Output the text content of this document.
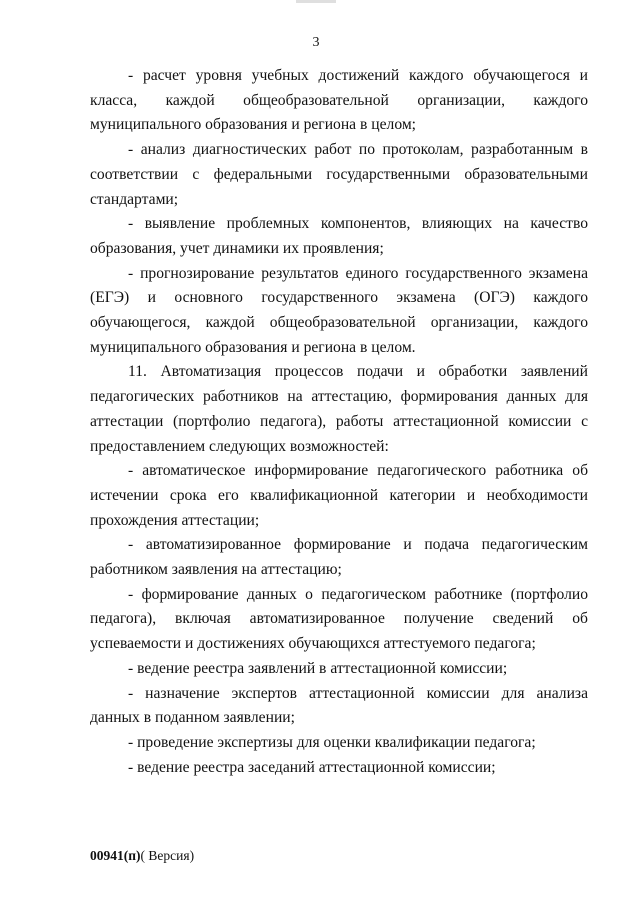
3

- расчет уровня учебных достижений каждого обучающегося и класса, каждой общеобразовательной организации, каждого муниципального образования и региона в целом;

- анализ диагностических работ по протоколам, разработанным в соответствии с федеральными государственными образовательными стандартами;

- выявление проблемных компонентов, влияющих на качество образования, учет динамики их проявления;

- прогнозирование результатов единого государственного экзамена (ЕГЭ) и основного государственного экзамена (ОГЭ) каждого обучающегося, каждой общеобразовательной организации, каждого муниципального образования и региона в целом.

11. Автоматизация процессов подачи и обработки заявлений педагогических работников на аттестацию, формирования данных для аттестации (портфолио педагога), работы аттестационной комиссии с предоставлением следующих возможностей:

- автоматическое информирование педагогического работника об истечении срока его квалификационной категории и необходимости прохождения аттестации;

- автоматизированное формирование и подача педагогическим работником заявления на аттестацию;

- формирование данных о педагогическом работнике (портфолио педагога), включая автоматизированное получение сведений об успеваемости и достижениях обучающихся аттестуемого педагога;

- ведение реестра заявлений в аттестационной комиссии;

- назначение экспертов аттестационной комиссии для анализа данных в поданном заявлении;

- проведение экспертизы для оценки квалификации педагога;

- ведение реестра заседаний аттестационной комиссии;

00941(п)( Версия)
